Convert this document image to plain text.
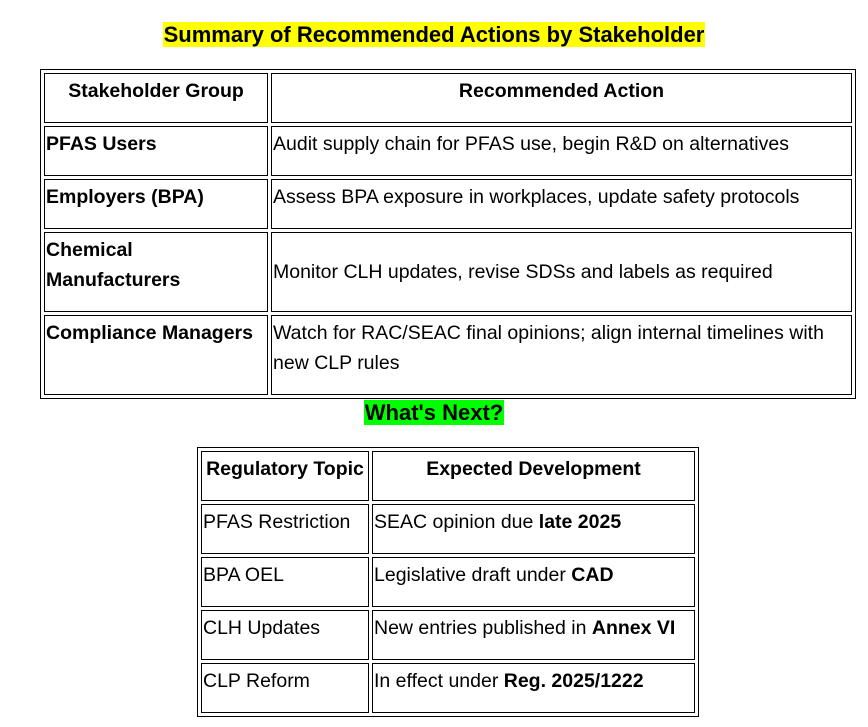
Summary of Recommended Actions by Stakeholder
Stakeholder Group	Recommended Action
PFAS Users	Audit supply chain for PFAS use, begin R&D on alternatives
Employers (BPA)	Assess BPA exposure in workplaces, update safety protocols
Chemical Manufacturers	Monitor CLH updates, revise SDSs and labels as required
Compliance Managers	Watch for RAC/SEAC final opinions; align internal timelines with new CLP rules
What's Next?
Regulatory Topic	Expected Development
PFAS Restriction	SEAC opinion due late 2025
BPA OEL	Legislative draft under CAD
CLH Updates	New entries published in Annex VI
CLP Reform	In effect under Reg. 2025/1222
